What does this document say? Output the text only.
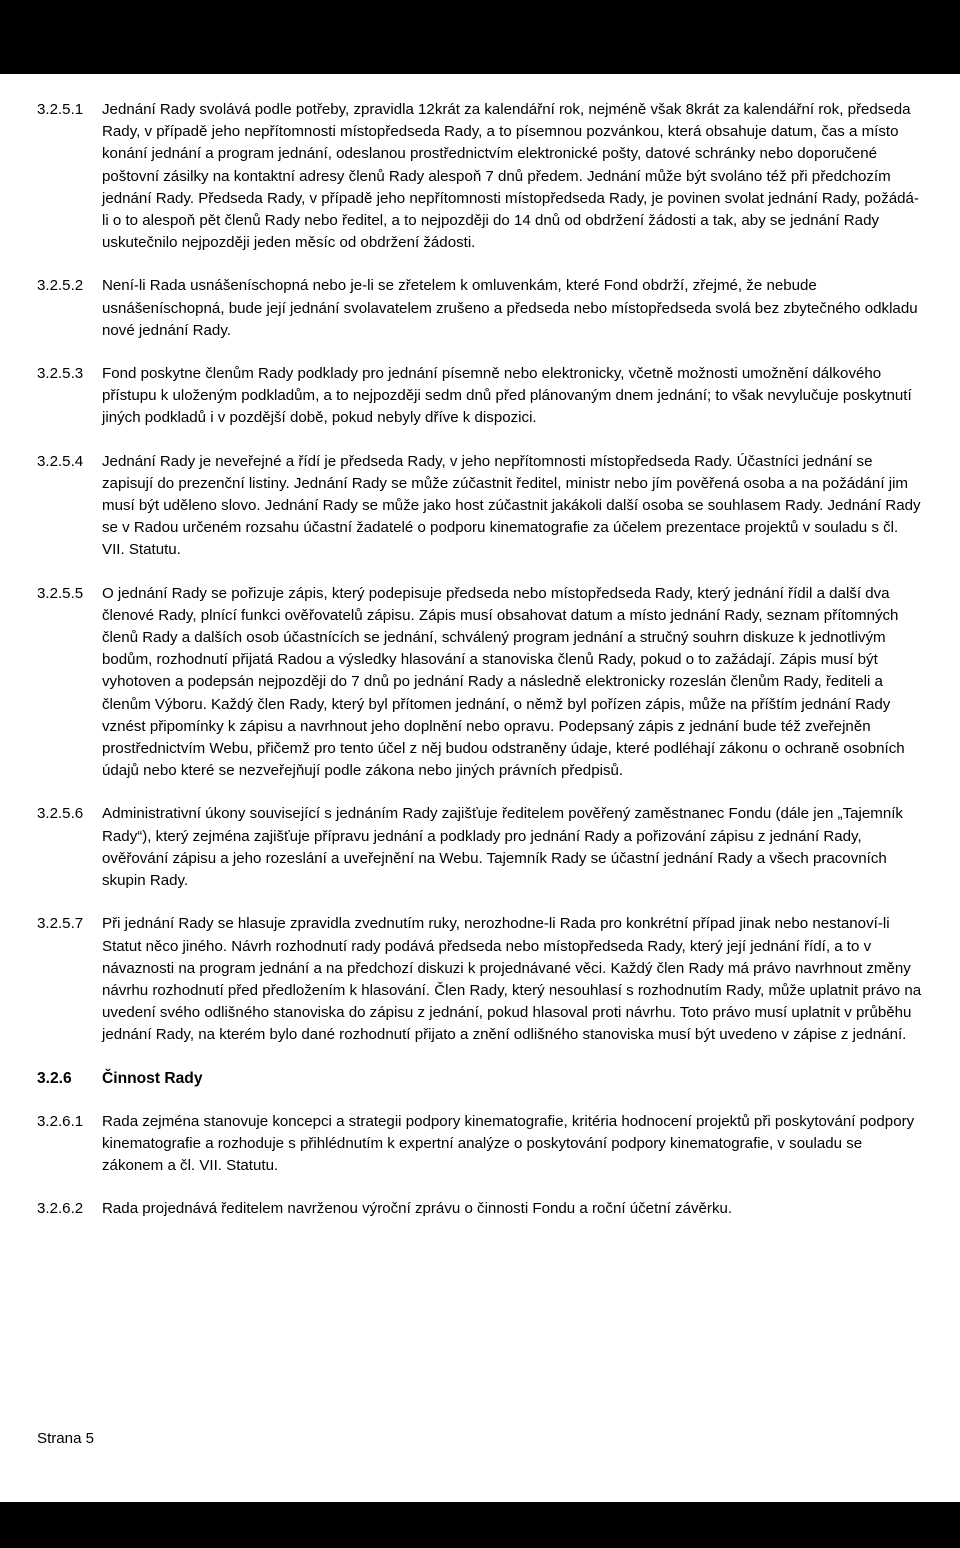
3.2.5.1	Jednání Rady svolává podle potřeby, zpravidla 12krát za kalendářní rok, nejméně však 8krát za kalendářní rok, předseda Rady, v případě jeho nepřítomnosti místopředseda Rady, a to písemnou pozvánkou, která obsahuje datum, čas a místo konání jednání a program jednání, odeslanou prostřednictvím elektronické pošty, datové schránky nebo doporučené poštovní zásilky na kontaktní adresy členů Rady alespoň 7 dnů předem. Jednání může být svoláno též při předchozím jednání Rady. Předseda Rady, v případě jeho nepřítomnosti místopředseda Rady, je povinen svolat jednání Rady, požádá-li o to alespoň pět členů Rady nebo ředitel, a to nejpozději do 14 dnů od obdržení žádosti a tak, aby se jednání Rady uskutečnilo nejpozději jeden měsíc od obdržení žádosti.
3.2.5.2	Není-li Rada usnášeníschopná nebo je-li se zřetelem k omluvenkám, které Fond obdrží, zřejmé, že nebude usnášeníschopná, bude její jednání svolavatelem zrušeno a předseda nebo místopředseda svolá bez zbytečného odkladu nové jednání Rady.
3.2.5.3	Fond poskytne členům Rady podklady pro jednání písemně nebo elektronicky, včetně možnosti umožnění dálkového přístupu k uloženým podkladům, a to nejpozději sedm dnů před plánovaným dnem jednání; to však nevylučuje poskytnutí jiných podkladů i v pozdější době, pokud nebyly dříve k dispozici.
3.2.5.4	Jednání Rady je neveřejné a řídí je předseda Rady, v jeho nepřítomnosti místopředseda Rady. Účastníci jednání se zapisují do prezenční listiny. Jednání Rady se může zúčastnit ředitel, ministr nebo jím pověřená osoba a na požádání jim musí být uděleno slovo. Jednání Rady se může jako host zúčastnit jakákoli další osoba se souhlasem Rady. Jednání Rady se v Radou určeném rozsahu účastní žadatelé o podporu kinematografie za účelem prezentace projektů v souladu s čl. VII. Statutu.
3.2.5.5	O jednání Rady se pořizuje zápis, který podepisuje předseda nebo místopředseda Rady, který jednání řídil a další dva členové Rady, plnící funkci ověřovatelů zápisu. Zápis musí obsahovat datum a místo jednání Rady, seznam přítomných členů Rady a dalších osob účastnících se jednání, schválený program jednání a stručný souhrn diskuze k jednotlivým bodům, rozhodnutí přijatá Radou a výsledky hlasování a stanoviska členů Rady, pokud o to zažádají. Zápis musí být vyhotoven a podepsán nejpozději do 7 dnů po jednání Rady a následně elektronicky rozeslán členům Rady, řediteli a členům Výboru. Každý člen Rady, který byl přítomen jednání, o němž byl pořízen zápis, může na příštím jednání Rady vznést připomínky k zápisu a navrhnout jeho doplnění nebo opravu. Podepsaný zápis z jednání bude též zveřejněn prostřednictvím Webu, přičemž pro tento účel z něj budou odstraněny údaje, které podléhají zákonu o ochraně osobních údajů nebo které se nezveřejňují podle zákona nebo jiných právních předpisů.
3.2.5.6	Administrativní úkony související s jednáním Rady zajišťuje ředitelem pověřený zaměstnanec Fondu (dále jen „Tajemník Rady“), který zejména zajišťuje přípravu jednání a podklady pro jednání Rady a pořizování zápisu z jednání Rady, ověřování zápisu a jeho rozeslání a uveřejnění na Webu. Tajemník Rady se účastní jednání Rady a všech pracovních skupin Rady.
3.2.5.7	Při jednání Rady se hlasuje zpravidla zvednutím ruky, nerozhodne-li Rada pro konkrétní případ jinak nebo nestanoví-li Statut něco jiného. Návrh rozhodnutí rady podává předseda nebo místopředseda Rady, který její jednání řídí, a to v návaznosti na program jednání a na předchozí diskuzi k projednávané věci. Každý člen Rady má právo navrhnout změny návrhu rozhodnutí před předložením k hlasování. Člen Rady, který nesouhlasí s rozhodnutím Rady, může uplatnit právo na uvedení svého odlišného stanoviska do zápisu z jednání, pokud hlasoval proti návrhu. Toto právo musí uplatnit v průběhu jednání Rady, na kterém bylo dané rozhodnutí přijato a znění odlišného stanoviska musí být uvedeno v zápise z jednání.
3.2.6	Činnost Rady
3.2.6.1	Rada zejména stanovuje koncepci a strategii podpory kinematografie, kritéria hodnocení projektů při poskytování podpory kinematografie a rozhoduje s přihlédnutím k expertní analýze o poskytování podpory kinematografie, v souladu se zákonem a čl. VII. Statutu.
3.2.6.2	Rada projednává ředitelem navrženou výroční zprávu o činnosti Fondu a roční účetní závěrku.
Strana 5
